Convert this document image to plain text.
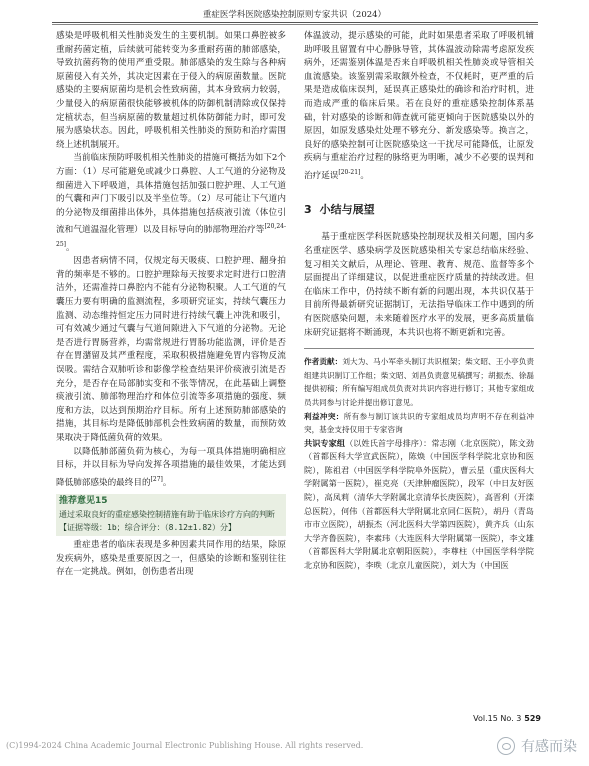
重症医学科医院感染控制原则专家共识（2024）

感染是呼吸机相关性肺炎发生的主要机制。如果口鼻腔被多重耐药菌定植，后续就可能转变为多重耐药菌的肺部感染，导致抗菌药物的使用严重受限。肺部感染的发生除与各种病原菌侵入有关外，其决定因素在于侵入的病原菌数量。医院感染的主要病原菌均是机会性致病菌，其本身致病力较弱，少量侵入的病原菌很快能够被机体的防御机制清除或仅保持定植状态，但当病原菌的数量超过机体防御能力时，即可发展为感染状态。因此，呼吸机相关性肺炎的预防和治疗需围绕上述机制展开。

当前临床预防呼吸机相关性肺炎的措施可概括为如下2个方面：（1）尽可能避免或减少口鼻腔、人工气道的分泌物及细菌进入下呼吸道，具体措施包括加强口腔护理、人工气道的气囊和声门下吸引以及半坐位等。（2）尽可能让下气道内的分泌物及细菌排出体外，具体措施包括痰液引流（体位引流和气道温湿化管理）以及目标导向的肺部物理治疗等[20,24-25]。

因患者病情不同，仅规定每天吸痰、口腔护理、翻身拍背的频率是不够的。口腔护理除每天按要求定时进行口腔清洁外，还需准持口鼻腔内不能有分泌物积聚。人工气道的气囊压力要有明确的监测流程，多项研究证实，持续气囊压力监测、动态维持恒定压力同时进行持续气囊上冲洗和吸引，可有效减少通过气囊与气道间隙进入下气道的分泌物。无论是否进行胃肠营养，均需常规进行胃肠功能监测，评价是否存在胃潴留及其严重程度，采取积极措施避免胃内容物反流误吸。需结合双肺听诊和影像学检查结果评价痰液引流是否充分，是否存在局部肺实变和不张等情况，在此基础上调整痰液引流、肺部物理治疗和体位引流等多项措施的强度、频度和方法，以达到预期治疗目标。所有上述预防肺部感染的措施，其目标均是降低肺部机会性致病菌的数量，而预防效果取决于降低菌负荷的效果。

以降低肺部菌负荷为核心，为每一项具体措施明确相应目标，并以目标为导向发挥各项措施的最佳效果，才能达到降低肺部感染的最终目的[27]。

推荐意见15
通过采取良好的重症感染控制措施有助于临床诊疗方向的判断【证据等级：1b；综合评分：（8.12±1.82）分】

重症患者的临床表现是多种因素共同作用的结果，除原发疾病外，感染是重要原因之一，但感染的诊断和鉴别往往存在一定挑战。例如，创伤患者出现

体温波动，提示感染的可能，此时如果患者采取了呼吸机辅助呼吸且留置有中心静脉导管，其体温波动除需考虑原发疾病外，还需鉴别体温是否来自呼吸机相关性肺炎或导管相关血流感染。该鉴别需采取额外检查，不仅耗时，更严重的后果是造成临床误判，延误真正感染灶的确诊和治疗时机，进而造成严重的临床后果。若在良好的重症感染控制体系基础，针对感染的诊断和筛查就可能更倾向于医院感染以外的原因，如原发感染灶处理不够充分、新发感染等。换言之，良好的感染控制可让医院感染这一干扰尽可能降低，让原发疾病与重症治疗过程的脉络更为明晰，减少不必要的误判和治疗延误[20-21]。

3 小结与展望

基于重症医学科医院感染控制现状及相关问题，国内多名重症医学、感染病学及医院感染相关专家总结临床经验、复习相关文献后，从理论、管理、教育、规范、监督等多个层面提出了详细建议，以促进重症医疗质量的持续改进。但在临床工作中，仍持续不断有新的问题出现，本共识仅基于目前所得最新研究证据制订，无法指导临床工作中遇到的所有医院感染问题，未来随着医疗水平的发展，更多高质量临床研究证据将不断涌现，本共识也将不断更新和完善。

作者贡献：刘大为、马小军牵头制订共识框架；柴文昭、王小亭负责组建共识制订工作组；柴文昭、刘昌负责意见稿撰写；胡振杰、徐磊提供初稿；所有编写组成员负责对共识内容进行修订；其他专家组成员共同参与讨论并提出修订意见。

利益冲突：所有参与制订该共识的专家组成员均声明不存在利益冲突，基金支持仅用于专家咨询

共识专家组（以姓氏首字母排序）：常志刚（北京医院），陈文劲（首都医科大学宣武医院），陈焕（中国医学科学院北京协和医院），陈祖君（中国医学科学院阜外医院），曹云星（重庆医科大学附属第一医院），崔克亮（天津肿瘤医院），段军（中日友好医院），高凤莉（清华大学附属北京清华长庚医院），高晋利（开滦总医院），何伟（首都医科大学附属北京同仁医院），胡丹（青岛市市立医院），胡振杰（河北医科大学第四医院），黄齐兵（山东大学齐鲁医院），李素玮（大连医科大学附属第一医院），李文雄（首都医科大学附属北京朝阳医院），李尊柱（中国医学科学院北京协和医院），李昳（北京儿童医院），刘大为（中国医

Vol.15 No. 3 529
(C)1994-2024 China Academic Journal Electronic Publishing House. All rights reserved.	有感而染
